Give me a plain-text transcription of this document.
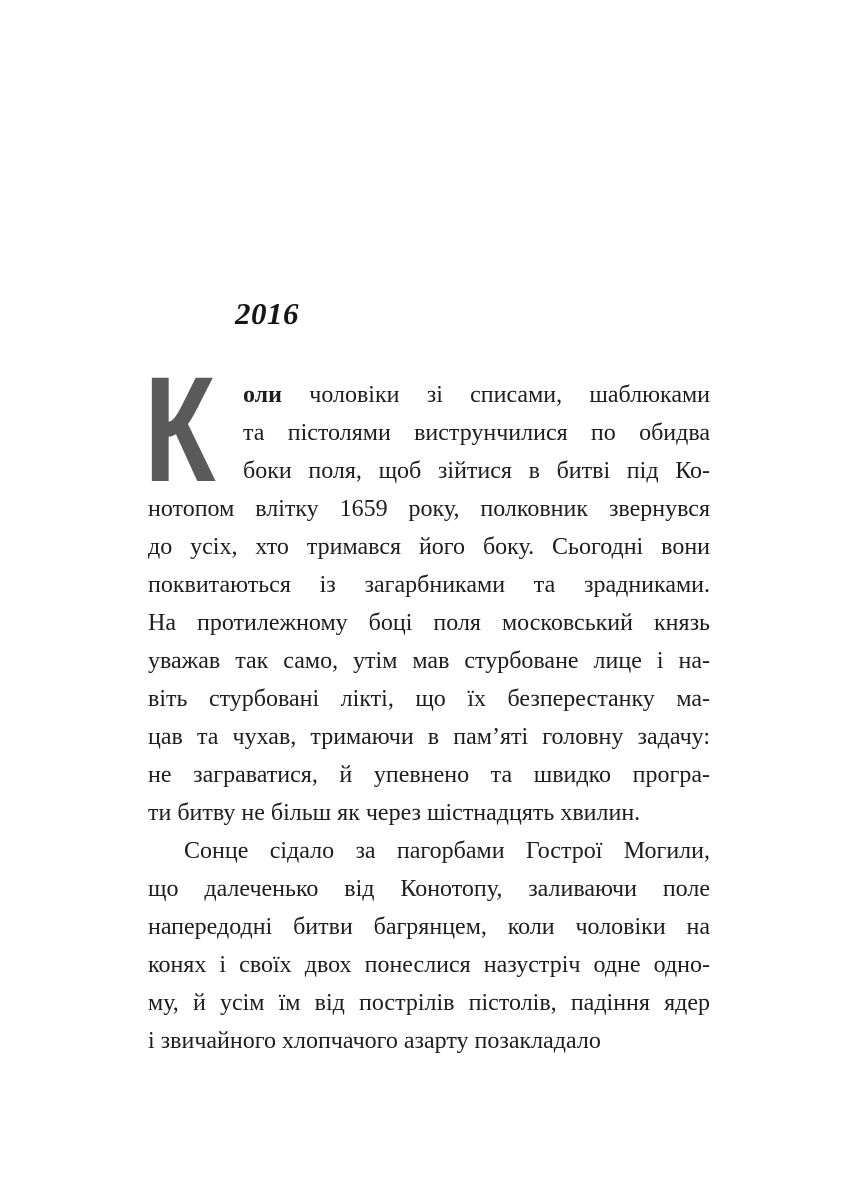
2016
К	оли чоловіки зі списами, шаблюками
та пістолями виструнчилися по обидва
боки поля, щоб зійтися в битві під Ко-
нотопом влітку 1659 року, полковник звернувся
до усіх, хто тримався його боку. Сьогодні вони
поквитаються із загарбниками та зрадниками.
На протилежному боці поля московський князь
уважав так само, утім мав стурбоване лице і на-
віть стурбовані лікті, що їх безперестанку ма-
цав та чухав, тримаючи в пам’яті головну задачу:
не заграватися, й упевнено та швидко програ-
ти битву не більш як через шістнадцять хвилин.
Сонце сідало за пагорбами Гострої Могили,
що далеченько від Конотопу, заливаючи поле
напередодні битви багрянцем, коли чоловіки на
конях і своїх двох понеслися назустріч одне одно-
му, й усім їм від пострілів пістолів, падіння ядер
і звичайного хлопчачого азарту позакладало
